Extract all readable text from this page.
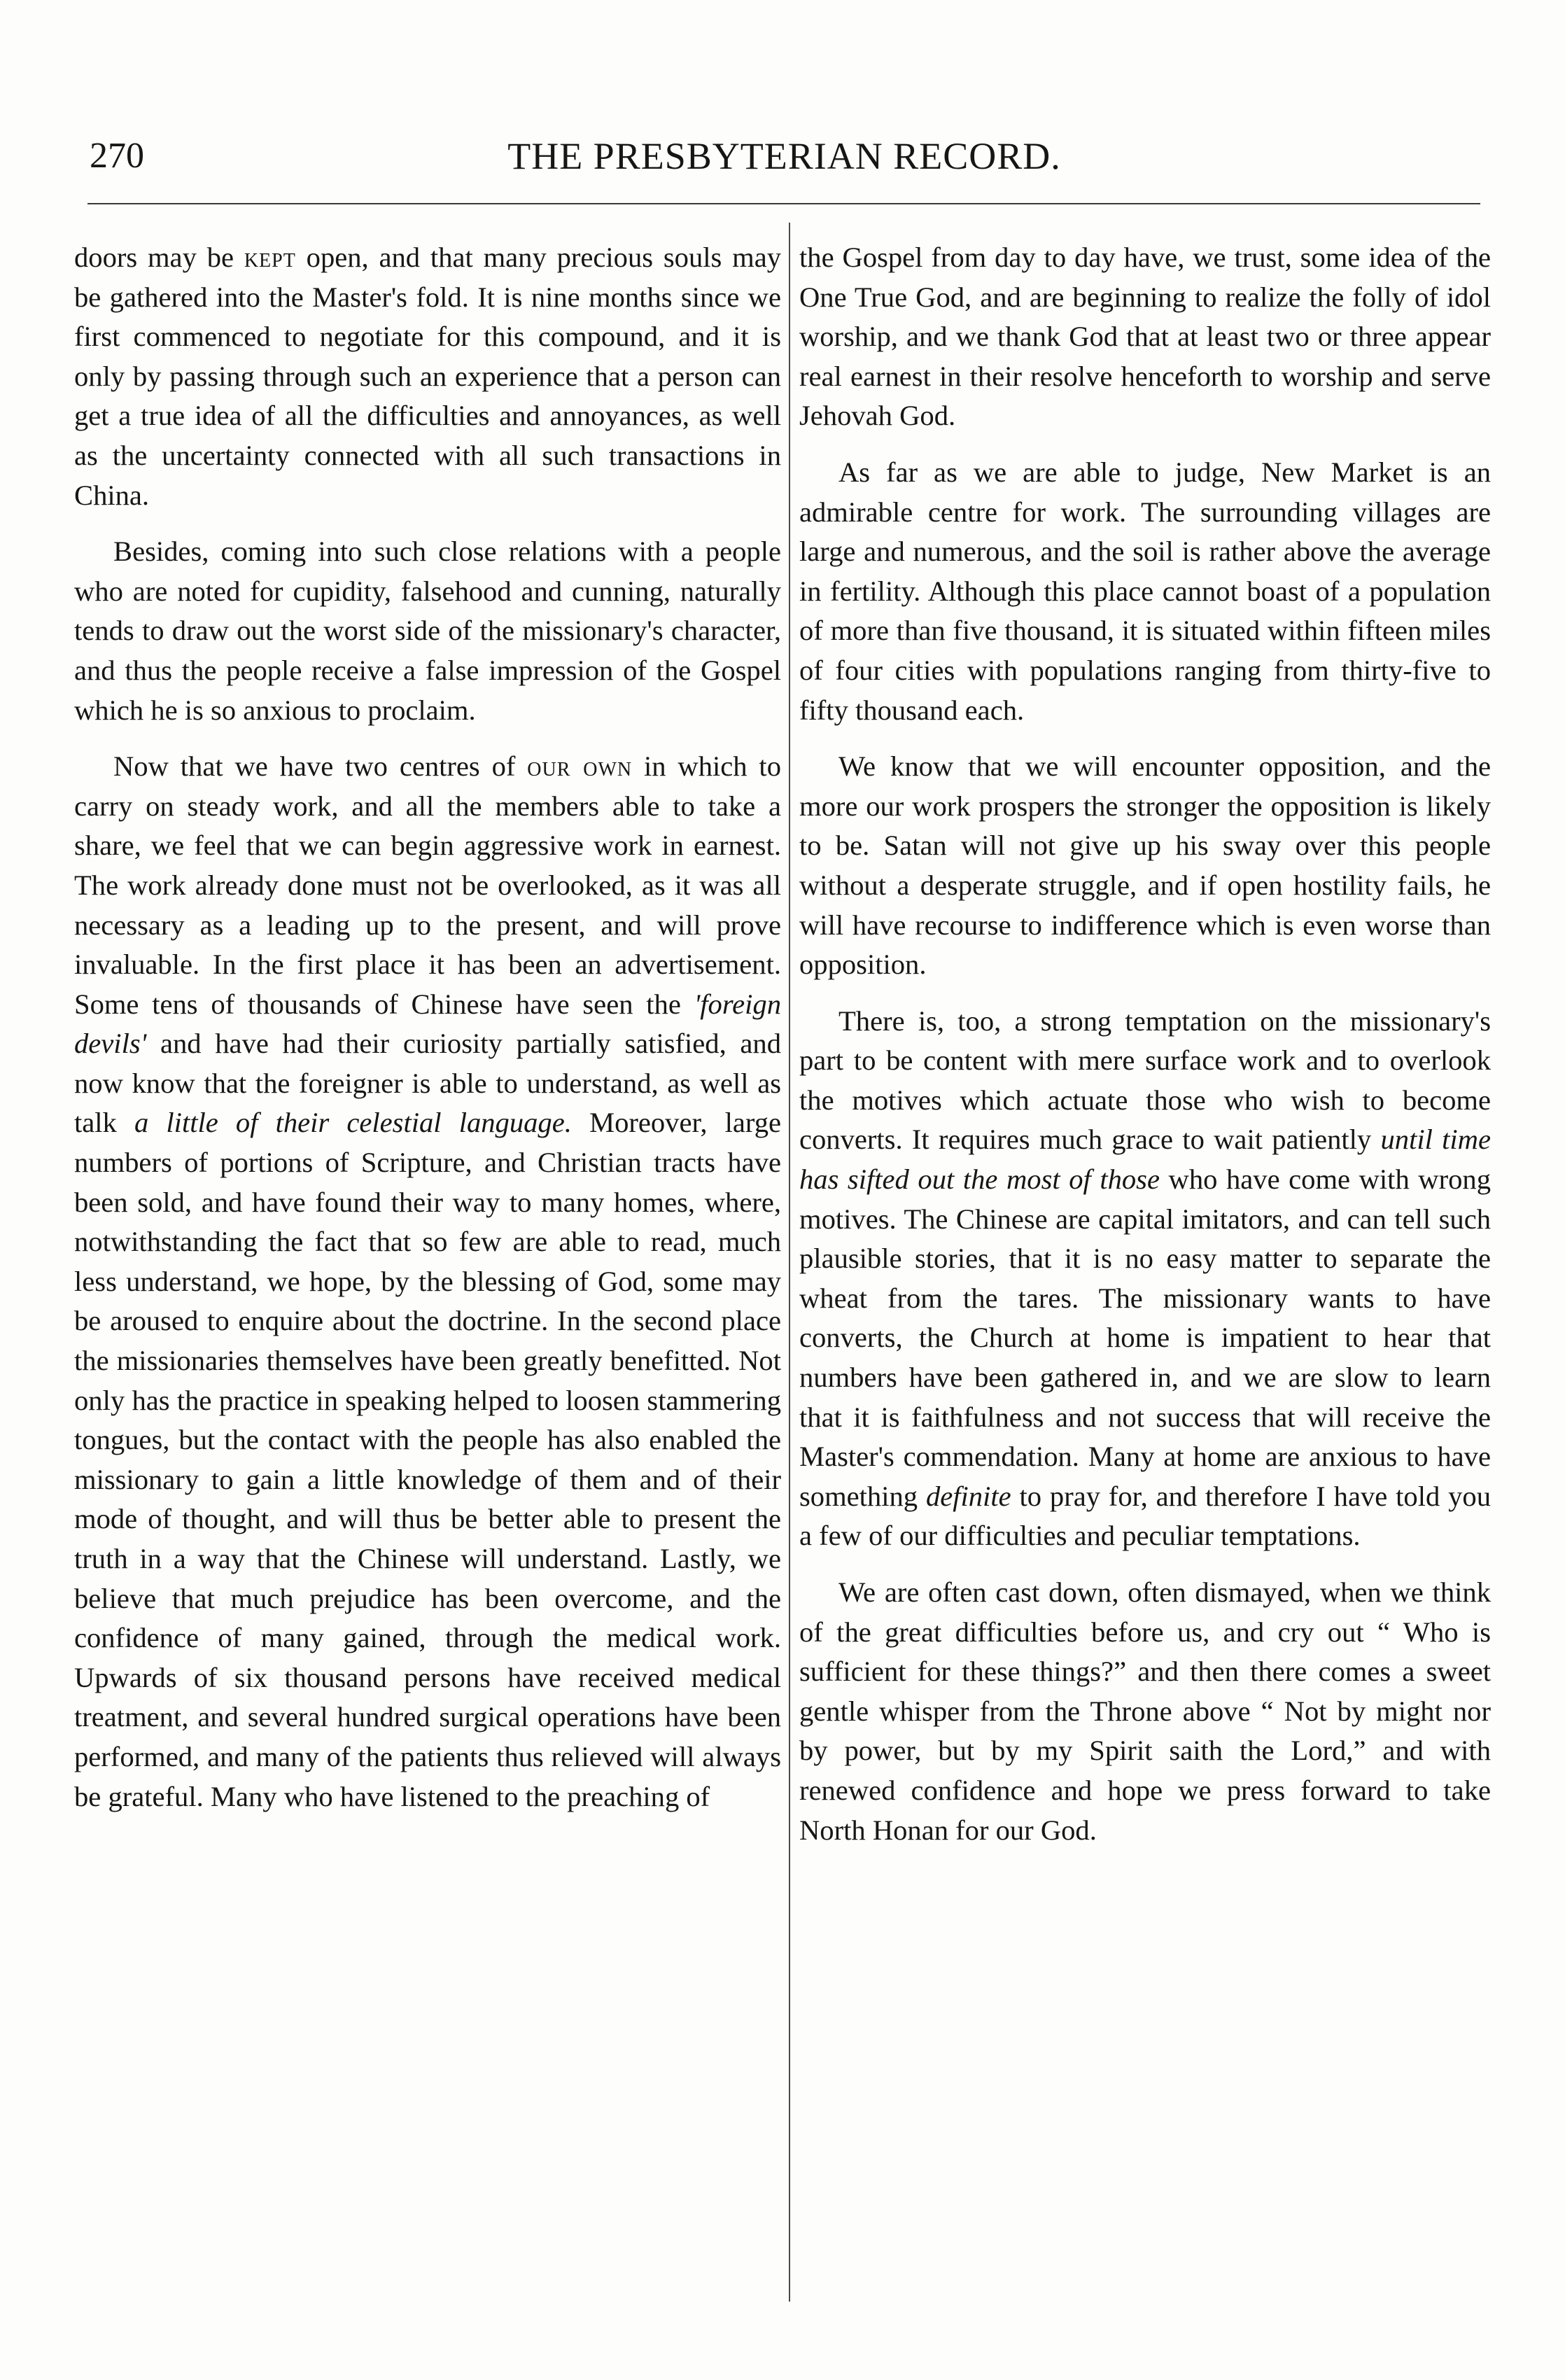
THE PRESBYTERIAN RECORD.
270

doors may be kept open, and that many precious souls may be gathered into the Master's fold. It is nine months since we first commenced to negotiate for this compound, and it is only by passing through such an experience that a person can get a true idea of all the difficulties and annoyances, as well as the uncertainty connected with all such transactions in China.

Besides, coming into such close relations with a people who are noted for cupidity, falsehood and cunning, naturally tends to draw out the worst side of the missionary's character, and thus the people receive a false impression of the Gospel which he is so anxious to proclaim.

Now that we have two centres of our own in which to carry on steady work, and all the members able to take a share, we feel that we can begin aggressive work in earnest. The work already done must not be overlooked, as it was all necessary as a leading up to the present, and will prove invaluable. In the first place it has been an advertisement. Some tens of thousands of Chinese have seen the 'foreign devils' and have had their curiosity partially satisfied, and now know that the foreigner is able to understand, as well as talk a little of their celestial language. Moreover, large numbers of portions of Scripture, and Christian tracts have been sold, and have found their way to many homes, where, notwithstanding the fact that so few are able to read, much less understand, we hope, by the blessing of God, some may be aroused to enquire about the doctrine. In the second place the missionaries themselves have been greatly benefitted. Not only has the practice in speaking helped to loosen stammering tongues, but the contact with the people has also enabled the missionary to gain a little knowledge of them and of their mode of thought, and will thus be better able to present the truth in a way that the Chinese will understand. Lastly, we believe that much prejudice has been overcome, and the confidence of many gained, through the medical work. Upwards of six thousand persons have received medical treatment, and several hundred surgical operations have been performed, and many of the patients thus relieved will always be grateful. Many who have listened to the preaching of

the Gospel from day to day have, we trust, some idea of the One True God, and are beginning to realize the folly of idol worship, and we thank God that at least two or three appear real earnest in their resolve henceforth to worship and serve Jehovah God.

As far as we are able to judge, New Market is an admirable centre for work. The surrounding villages are large and numerous, and the soil is rather above the average in fertility. Although this place cannot boast of a population of more than five thousand, it is situated within fifteen miles of four cities with populations ranging from thirty-five to fifty thousand each.

We know that we will encounter opposition, and the more our work prospers the stronger the opposition is likely to be. Satan will not give up his sway over this people without a desperate struggle, and if open hostility fails, he will have recourse to indifference which is even worse than opposition.

There is, too, a strong temptation on the missionary's part to be content with mere surface work and to overlook the motives which actuate those who wish to become converts. It requires much grace to wait patiently until time has sifted out the most of those who have come with wrong motives. The Chinese are capital imitators, and can tell such plausible stories, that it is no easy matter to separate the wheat from the tares. The missionary wants to have converts, the Church at home is impatient to hear that numbers have been gathered in, and we are slow to learn that it is faithfulness and not success that will receive the Master's commendation. Many at home are anxious to have something definite to pray for, and therefore I have told you a few of our difficulties and peculiar temptations.

We are often cast down, often dismayed, when we think of the great difficulties before us, and cry out “ Who is sufficient for these things?” and then there comes a sweet gentle whisper from the Throne above “ Not by might nor by power, but by my Spirit saith the Lord,” and with renewed confidence and hope we press forward to take North Honan for our God.
